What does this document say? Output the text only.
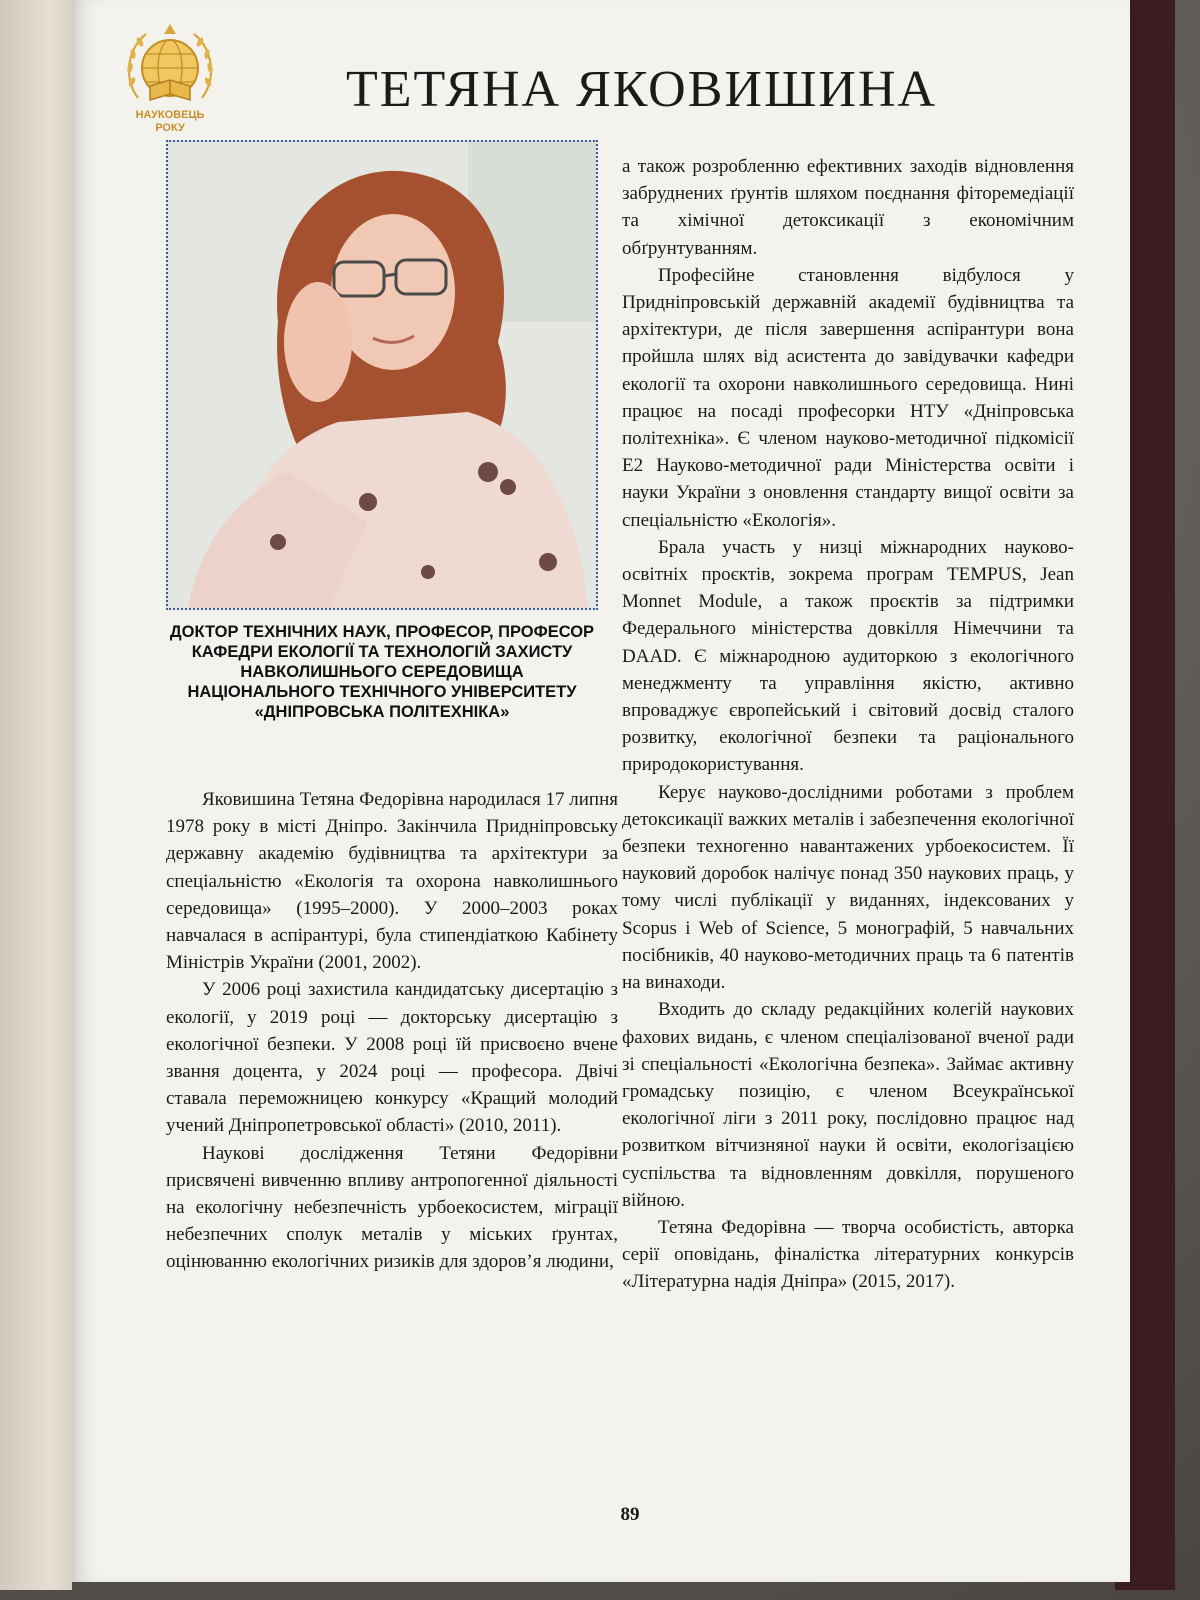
НАУКОВЕЦЬ
РОКУ
ТЕТЯНА ЯКОВИШИНА

ДОКТОР ТЕХНІЧНИХ НАУК, ПРОФЕСОР, ПРОФЕСОР КАФЕДРИ ЕКОЛОГІЇ ТА ТЕХНОЛОГІЙ ЗАХИСТУ НАВКОЛИШНЬОГО СЕРЕДОВИЩА НАЦІОНАЛЬНОГО ТЕХНІЧНОГО УНІВЕРСИТЕТУ «ДНІПРОВСЬКА ПОЛІТЕХНІКА»

Яковишина Тетяна Федорівна народилася 17 липня 1978 року в місті Дніпро. Закінчила Придніпровську державну академію будівництва та архітектури за спеціальністю «Екологія та охорона навколишнього середовища» (1995–2000). У 2000–2003 роках навчалася в аспірантурі, була стипендіаткою Кабінету Міністрів України (2001, 2002).

У 2006 році захистила кандидатську дисертацію з екології, у 2019 році — докторську дисертацію з екологічної безпеки. У 2008 році їй присвоєно вчене звання доцента, у 2024 році — професора. Двічі ставала переможницею конкурсу «Кращий молодий учений Дніпропетровської області» (2010, 2011).

Наукові дослідження Тетяни Федорівни присвячені вивченню впливу антропогенної діяльності на екологічну небезпечність урбоекосистем, міграції небезпечних сполук металів у міських ґрунтах, оцінюванню екологічних ризиків для здоров’я людини,

а також розробленню ефективних заходів відновлення забруднених ґрунтів шляхом поєднання фіторемедіації та хімічної детоксикації з економічним обґрунтуванням.

Професійне становлення відбулося у Придніпровській державній академії будівництва та архітектури, де після завершення аспірантури вона пройшла шлях від асистента до завідувачки кафедри екології та охорони навколишнього середовища. Нині працює на посаді професорки НТУ «Дніпровська політехніка». Є членом науково-методичної підкомісії Е2 Науково-методичної ради Міністерства освіти і науки України з оновлення стандарту вищої освіти за спеціальністю «Екологія».

Брала участь у низці міжнародних науково-освітніх проєктів, зокрема програм TEMPUS, Jean Monnet Module, а також проєктів за підтримки Федерального міністерства довкілля Німеччини та DAAD. Є міжнародною аудиторкою з екологічного менеджменту та управління якістю, активно впроваджує європейський і світовий досвід сталого розвитку, екологічної безпеки та раціонального природокористування.

Керує науково-дослідними роботами з проблем детоксикації важких металів і забезпечення екологічної безпеки техногенно навантажених урбоекосистем. Її науковий доробок налічує понад 350 наукових праць, у тому числі публікації у виданнях, індексованих у Scopus і Web of Science, 5 монографій, 5 навчальних посібників, 40 науково-методичних праць та 6 патентів на винаходи.

Входить до складу редакційних колегій наукових фахових видань, є членом спеціалізованої вченої ради зі спеціальності «Екологічна безпека». Займає активну громадську позицію, є членом Всеукраїнської екологічної ліги з 2011 року, послідовно працює над розвитком вітчизняної науки й освіти, екологізацією суспільства та відновленням довкілля, порушеного війною.

Тетяна Федорівна — творча особистість, авторка серії оповідань, фіналістка літературних конкурсів «Літературна надія Дніпра» (2015, 2017).

89
